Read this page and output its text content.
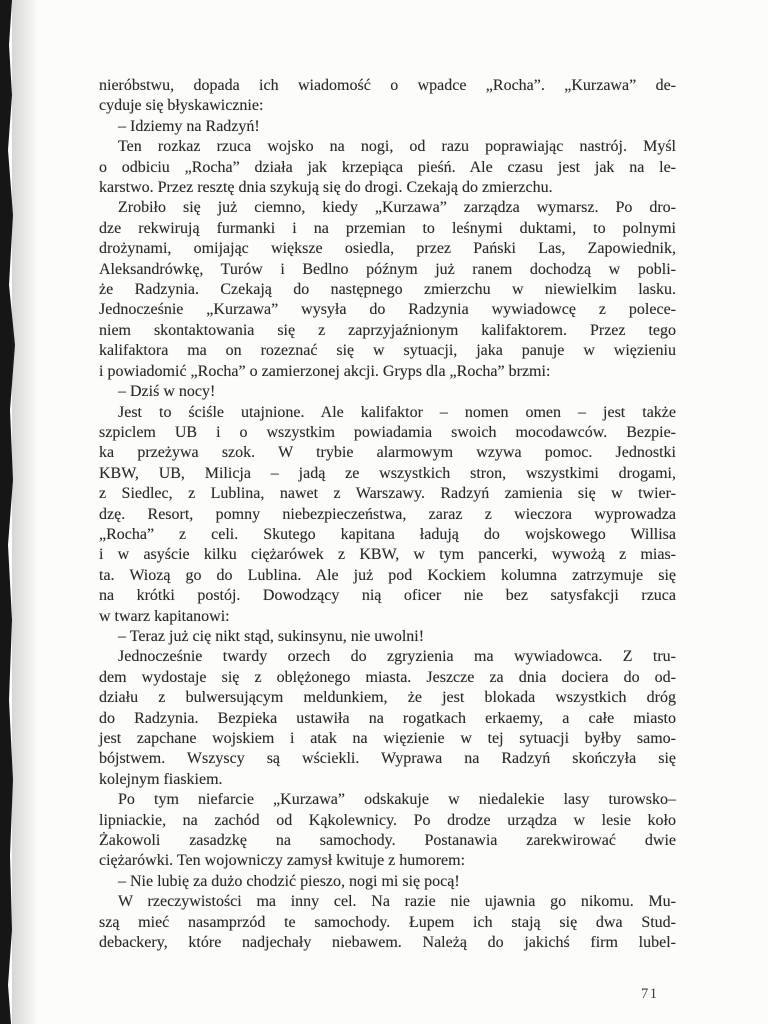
nieróbstwu, dopada ich wiadomość o wpadce „Rocha”. „Kurzawa” de-
cyduje się błyskawicznie:
– Idziemy na Radzyń!
Ten rozkaz rzuca wojsko na nogi, od razu poprawiając nastrój. Myśl
o odbiciu „Rocha” działa jak krzepiąca pieśń. Ale czasu jest jak na le-
karstwo. Przez resztę dnia szykują się do drogi. Czekają do zmierzchu.
Zrobiło się już ciemno, kiedy „Kurzawa” zarządza wymarsz. Po dro-
dze rekwirują furmanki i na przemian to leśnymi duktami, to polnymi
drożynami, omijając większe osiedla, przez Pański Las, Zapowiednik,
Aleksandrówkę, Turów i Bedlno późnym już ranem dochodzą w pobli-
że Radzynia. Czekają do następnego zmierzchu w niewielkim lasku.
Jednocześnie „Kurzawa” wysyła do Radzynia wywiadowcę z polece-
niem skontaktowania się z zaprzyjaźnionym kalifaktorem. Przez tego
kalifaktora ma on rozeznać się w sytuacji, jaka panuje w więzieniu
i powiadomić „Rocha” o zamierzonej akcji. Gryps dla „Rocha” brzmi:
– Dziś w nocy!
Jest to ściśle utajnione. Ale kalifaktor – nomen omen – jest także
szpiclem UB i o wszystkim powiadamia swoich mocodawców. Bezpie-
ka przeżywa szok. W trybie alarmowym wzywa pomoc. Jednostki
KBW, UB, Milicja – jadą ze wszystkich stron, wszystkimi drogami,
z Siedlec, z Lublina, nawet z Warszawy. Radzyń zamienia się w twier-
dzę. Resort, pomny niebezpieczeństwa, zaraz z wieczora wyprowadza
„Rocha” z celi. Skutego kapitana ładują do wojskowego Willisa
i w asyście kilku ciężarówek z KBW, w tym pancerki, wywożą z mias-
ta. Wiozą go do Lublina. Ale już pod Kockiem kolumna zatrzymuje się
na krótki postój. Dowodzący nią oficer nie bez satysfakcji rzuca
w twarz kapitanowi:
– Teraz już cię nikt stąd, sukinsynu, nie uwolni!
Jednocześnie twardy orzech do zgryzienia ma wywiadowca. Z tru-
dem wydostaje się z oblężonego miasta. Jeszcze za dnia dociera do od-
działu z bulwersującym meldunkiem, że jest blokada wszystkich dróg
do Radzynia. Bezpieka ustawiła na rogatkach erkaemy, a całe miasto
jest zapchane wojskiem i atak na więzienie w tej sytuacji byłby samo-
bójstwem. Wszyscy są wściekli. Wyprawa na Radzyń skończyła się
kolejnym fiaskiem.
Po tym niefarcie „Kurzawa” odskakuje w niedalekie lasy turowsko–
lipniackie, na zachód od Kąkolewnicy. Po drodze urządza w lesie koło
Żakowoli zasadzkę na samochody. Postanawia zarekwirować dwie
ciężarówki. Ten wojowniczy zamysł kwituje z humorem:
– Nie lubię za dużo chodzić pieszo, nogi mi się pocą!
W rzeczywistości ma inny cel. Na razie nie ujawnia go nikomu. Mu-
szą mieć nasamprzód te samochody. Łupem ich stają się dwa Stud-
debackery, które nadjechały niebawem. Należą do jakichś firm lubel-
71
